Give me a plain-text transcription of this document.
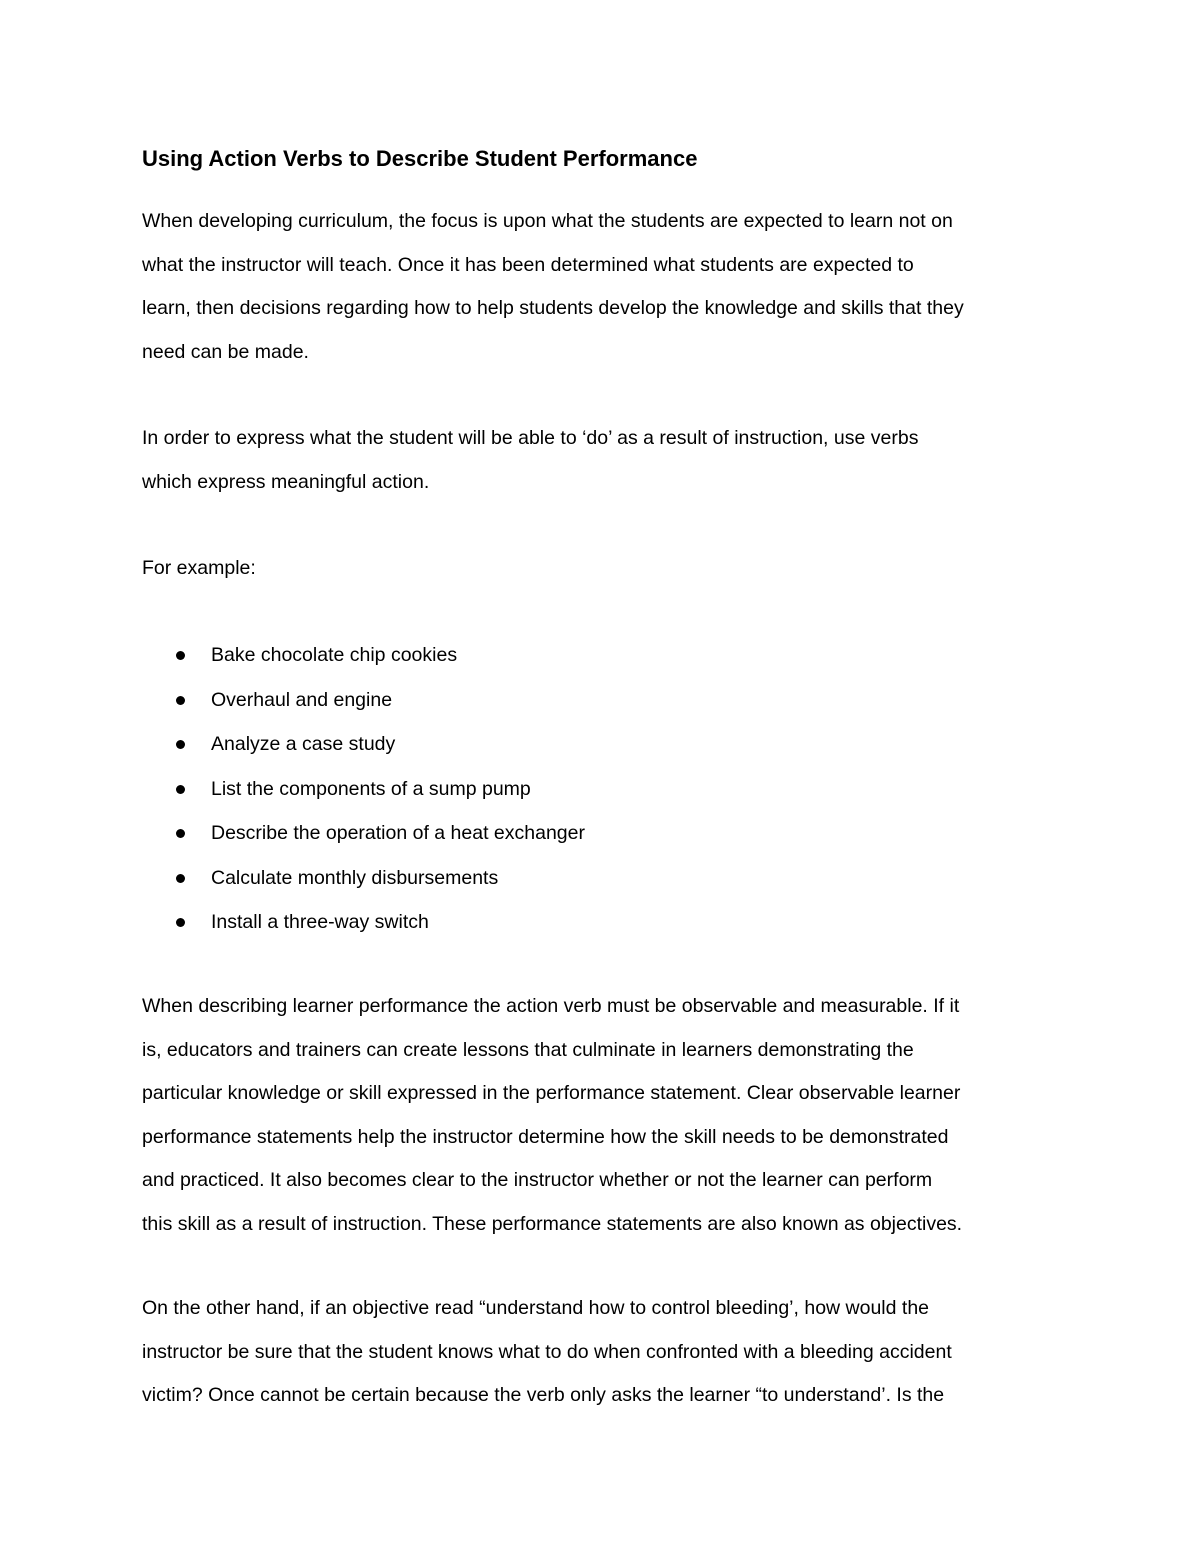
Using Action Verbs to Describe Student Performance

When developing curriculum, the focus is upon what the students are expected to learn not on
what the instructor will teach. Once it has been determined what students are expected to
learn, then decisions regarding how to help students develop the knowledge and skills that they
need can be made.

In order to express what the student will be able to ‘do’ as a result of instruction, use verbs
which express meaningful action.

For example:

Bake chocolate chip cookies
Overhaul and engine
Analyze a case study
List the components of a sump pump
Describe the operation of a heat exchanger
Calculate monthly disbursements
Install a three-way switch

When describing learner performance the action verb must be observable and measurable. If it
is, educators and trainers can create lessons that culminate in learners demonstrating the
particular knowledge or skill expressed in the performance statement. Clear observable learner
performance statements help the instructor determine how the skill needs to be demonstrated
and practiced. It also becomes clear to the instructor whether or not the learner can perform
this skill as a result of instruction. These performance statements are also known as objectives.

On the other hand, if an objective read “understand how to control bleeding’, how would the
instructor be sure that the student knows what to do when confronted with a bleeding accident
victim? Once cannot be certain because the verb only asks the learner “to understand’. Is the
